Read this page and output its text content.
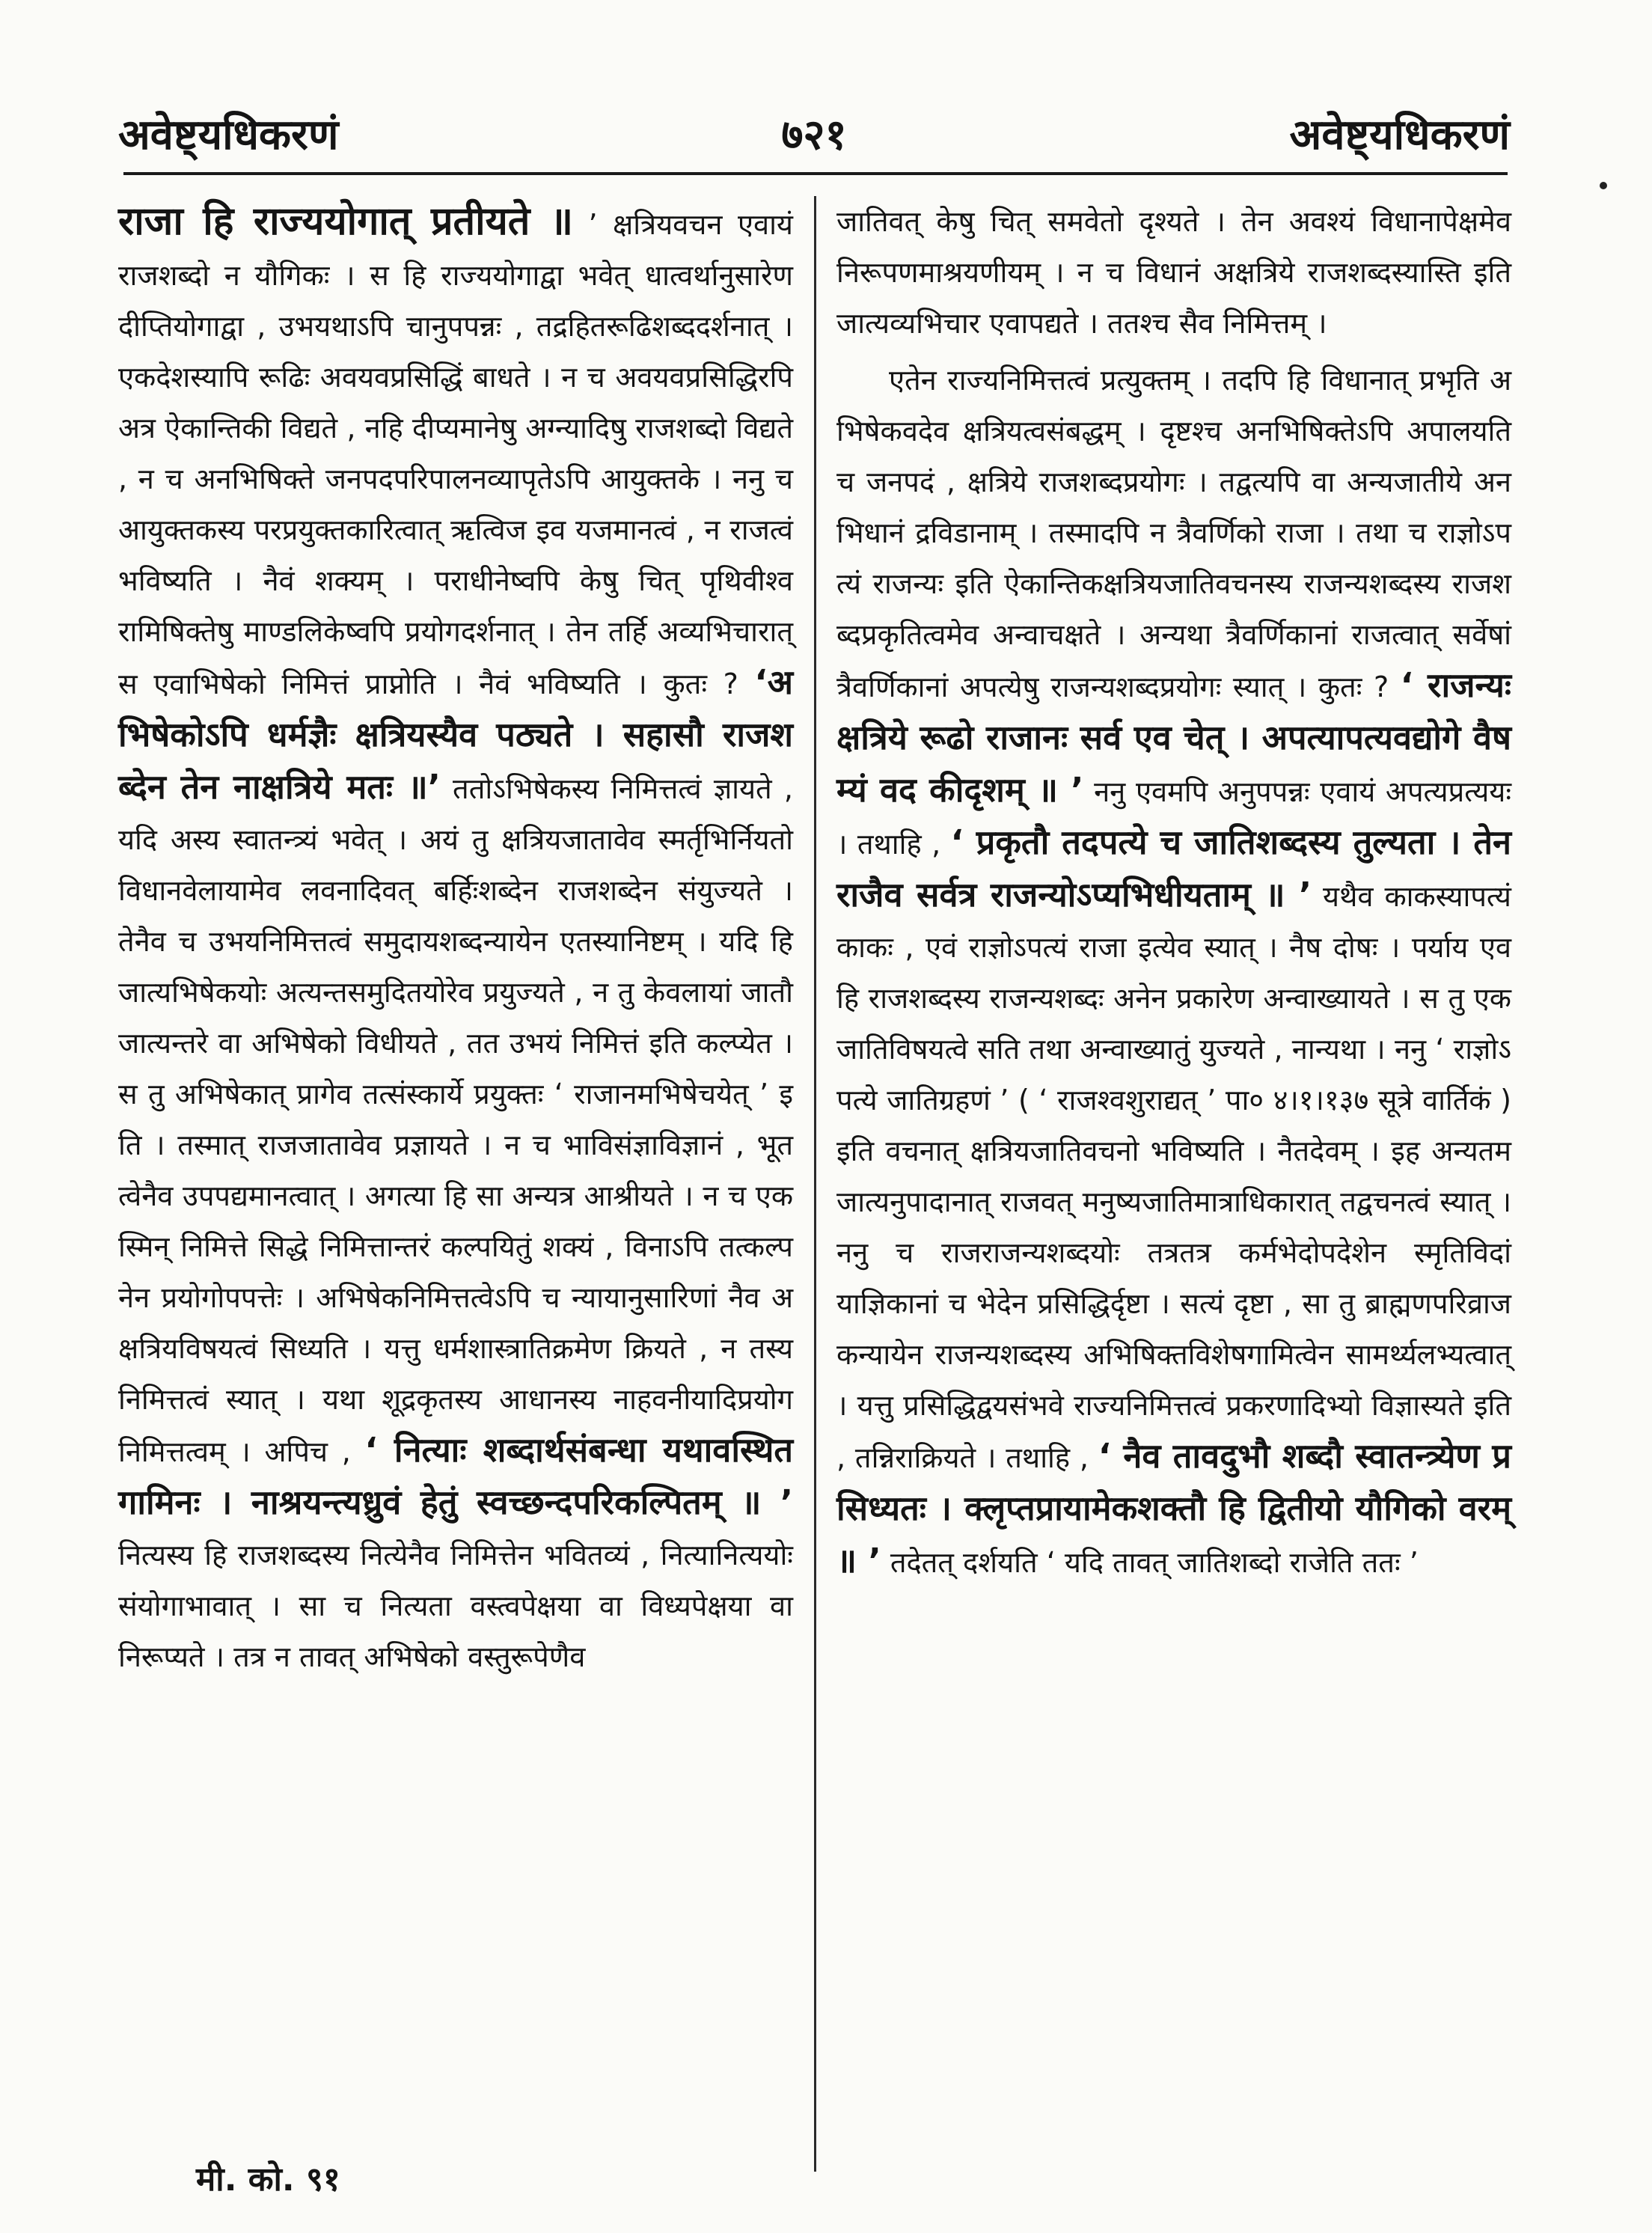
अवेष्ट्यधिकरणं	७२१	अवेष्ट्यधिकरणं

राजा हि राज्ययोगात् प्रतीयते ॥ ’ क्षत्रियवचन एवायं राजशब्दो न यौगिकः । स हि राज्ययोगाद्वा भवेत् धात्वर्थानुसारेण दीप्तियोगाद्वा , उभयथाऽपि चानुपपन्नः , तद्रहितरूढिशब्ददर्शनात् । एकदेशस्यापि रूढिः अवयवप्रसिद्धिं बाधते । न च अवयवप्रसिद्धिरपि अत्र ऐकान्तिकी विद्यते , नहि दीप्यमानेषु अग्न्यादिषु राजशब्दो विद्यते , न च अनभिषिक्ते जनपदपरिपालनव्यापृतेऽपि आयुक्तके । ननु च आयुक्तकस्य परप्रयुक्तकारित्वात् ऋत्विज इव यजमानत्वं , न राजत्वं भविष्यति । नैवं शक्यम् । पराधीनेष्वपि केषु चित् पृथिवीश्वरामिषिक्तेषु माण्डलिकेष्वपि प्रयोगदर्शनात् । तेन तर्हि अव्यभिचारात् स एवाभिषेको निमित्तं प्राप्नोति । नैवं भविष्यति । कुतः ? ‘अभिषेकोऽपि धर्मज्ञैः क्षत्रियस्यैव पठ्यते । सहासौ राजशब्देन तेन नाक्षत्रिये मतः ॥’ ततोऽभिषेकस्य निमित्तत्वं ज्ञायते , यदि अस्य स्वातन्त्र्यं भवेत् । अयं तु क्षत्रियजातावेव स्मर्तृभिर्नियतो विधानवेलायामेव लवनादिवत् बर्हिःशब्देन राजशब्देन संयुज्यते । तेनैव च उभयनिमित्तत्वं समुदायशब्दन्यायेन एतस्यानिष्टम् । यदि हि जात्यभिषेकयोः अत्यन्तसमुदितयोरेव प्रयुज्यते , न तु केवलायां जातौ जात्यन्तरे वा अभिषेको विधीयते , तत उभयं निमित्तं इति कल्प्येत । स तु अभिषेकात् प्रागेव तत्संस्कार्ये प्रयुक्तः ‘ राजानमभिषेचयेत् ’ इति । तस्मात् राजजातावेव प्रज्ञायते । न च भाविसंज्ञाविज्ञानं , भूतत्वेनैव उपपद्यमानत्वात् । अगत्या हि सा अन्यत्र आश्रीयते । न च एकस्मिन् निमित्ते सिद्धे निमित्तान्तरं कल्पयितुं शक्यं , विनाऽपि तत्कल्पनेन प्रयोगोपपत्तेः । अभिषेकनिमित्तत्वेऽपि च न्यायानुसारिणां नैव अक्षत्रियविषयत्वं सिध्यति । यत्तु धर्मशास्त्रातिक्रमेण क्रियते , न तस्य निमित्तत्वं स्यात् । यथा शूद्रकृतस्य आधानस्य नाहवनीयादिप्रयोगनिमित्तत्वम् । अपिच , ‘ नित्याः शब्दार्थसंबन्धा यथावस्थितगामिनः । नाश्रयन्त्यध्रुवं हेतुं स्वच्छन्दपरिकल्पितम् ॥ ’ नित्यस्य हि राजशब्दस्य नित्येनैव निमित्तेन भवितव्यं , नित्यानित्ययोः संयोगाभावात् । सा च नित्यता वस्त्वपेक्षया वा विध्यपेक्षया वा निरूप्यते । तत्र न तावत् अभिषेको वस्तुरूपेणैव

जातिवत् केषु चित् समवेतो दृश्यते । तेन अवश्यं विधानापेक्षमेव निरूपणमाश्रयणीयम् । न च विधानं अक्षत्रिये राजशब्दस्यास्ति इति जात्यव्यभिचार एवापद्यते । ततश्च सैव निमित्तम् ।

एतेन राज्यनिमित्तत्वं प्रत्युक्तम् । तदपि हि विधानात् प्रभृति अभिषेकवदेव क्षत्रियत्वसंबद्धम् । दृष्टश्च अनभिषिक्तेऽपि अपालयति च जनपदं , क्षत्रिये राजशब्दप्रयोगः । तद्वत्यपि वा अन्यजातीये अनभिधानं द्रविडानाम् । तस्मादपि न त्रैवर्णिको राजा । तथा च राज्ञोऽपत्यं राजन्यः इति ऐकान्तिकक्षत्रियजातिवचनस्य राजन्यशब्दस्य राजशब्दप्रकृतित्वमेव अन्वाचक्षते । अन्यथा त्रैवर्णिकानां राजत्वात् सर्वेषां त्रैवर्णिकानां अपत्येषु राजन्यशब्दप्रयोगः स्यात् । कुतः ? ‘ राजन्यः क्षत्रिये रूढो राजानः सर्व एव चेत् । अपत्यापत्यवद्योगे वैषम्यं वद कीदृशम् ॥ ’ ननु एवमपि अनुपपन्नः एवायं अपत्यप्रत्ययः । तथाहि , ‘ प्रकृतौ तदपत्ये च जातिशब्दस्य तुल्यता । तेन राजैव सर्वत्र राजन्योऽप्यभिधीयताम् ॥ ’ यथैव काकस्यापत्यं काकः , एवं राज्ञोऽपत्यं राजा इत्येव स्यात् । नैष दोषः । पर्याय एव हि राजशब्दस्य राजन्यशब्दः अनेन प्रकारेण अन्वाख्यायते । स तु एकजातिविषयत्वे सति तथा अन्वाख्यातुं युज्यते , नान्यथा । ननु ‘ राज्ञोऽपत्ये जातिग्रहणं ’ ( ‘ राजश्वशुराद्यत् ’ पा० ४।१।१३७ सूत्रे वार्तिकं ) इति वचनात् क्षत्रियजातिवचनो भविष्यति । नैतदेवम् । इह अन्यतमजात्यनुपादानात् राजवत् मनुष्यजातिमात्राधिकारात् तद्वचनत्वं स्यात् । ननु च राजराजन्यशब्दयोः तत्रतत्र कर्मभेदोपदेशेन स्मृतिविदां याज्ञिकानां च भेदेन प्रसिद्धिर्दृष्टा । सत्यं दृष्टा , सा तु ब्राह्मणपरिव्राजकन्यायेन राजन्यशब्दस्य अभिषिक्तविशेषगामित्वेन सामर्थ्यलभ्यत्वात् । यत्तु प्रसिद्धिद्वयसंभवे राज्यनिमित्तत्वं प्रकरणादिभ्यो विज्ञास्यते इति , तन्निराक्रियते । तथाहि , ‘ नैव तावदुभौ शब्दौ स्वातन्त्र्येण प्रसिध्यतः । क्लृप्तप्रायामेकशक्तौ हि द्वितीयो यौगिको वरम् ॥ ’ तदेतत् दर्शयति ‘ यदि तावत् जातिशब्दो राजेति ततः ’

मी. को. ९१
